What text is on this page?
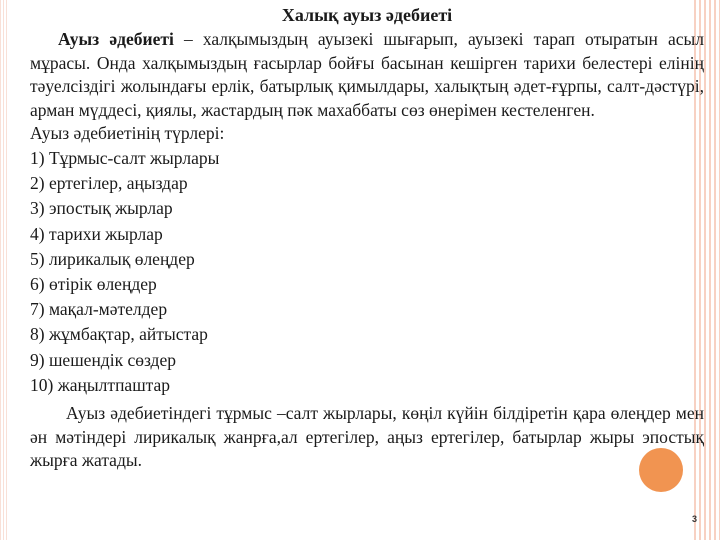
Халық ауыз әдебиеті

Ауыз әдебиеті – халқымыздың ауызекі шығарып, ауызекі тарап отыратын асыл мұрасы. Онда халқымыздың ғасырлар бойғы басынан кешірген тарихи белестері елінің тәуелсіздігі жолындағы ерлік, батырлық қимылдары, халықтың әдет-ғұрпы, салт-дәстүрі, арман мүддесі, қиялы, жастардың пәк махаббаты сөз өнерімен кестеленген.

Ауыз әдебиетінің түрлері:

1) Тұрмыс-салт жырлары
2) ертегілер, аңыздар
3) эпостық жырлар
4) тарихи жырлар
5) лирикалық өлеңдер
6) өтірік өлеңдер
7) мақал-мәтелдер
8) жұмбақтар, айтыстар
9) шешендік сөздер
10) жаңылтпаштар

Ауыз әдебиетіндегі тұрмыс –салт жырлары, көңіл күйін білдіретін қара өлеңдер мен ән мәтіндері лирикалық жанрға,ал ертегілер, аңыз ертегілер, батырлар жыры эпостық жырға жатады.

3
